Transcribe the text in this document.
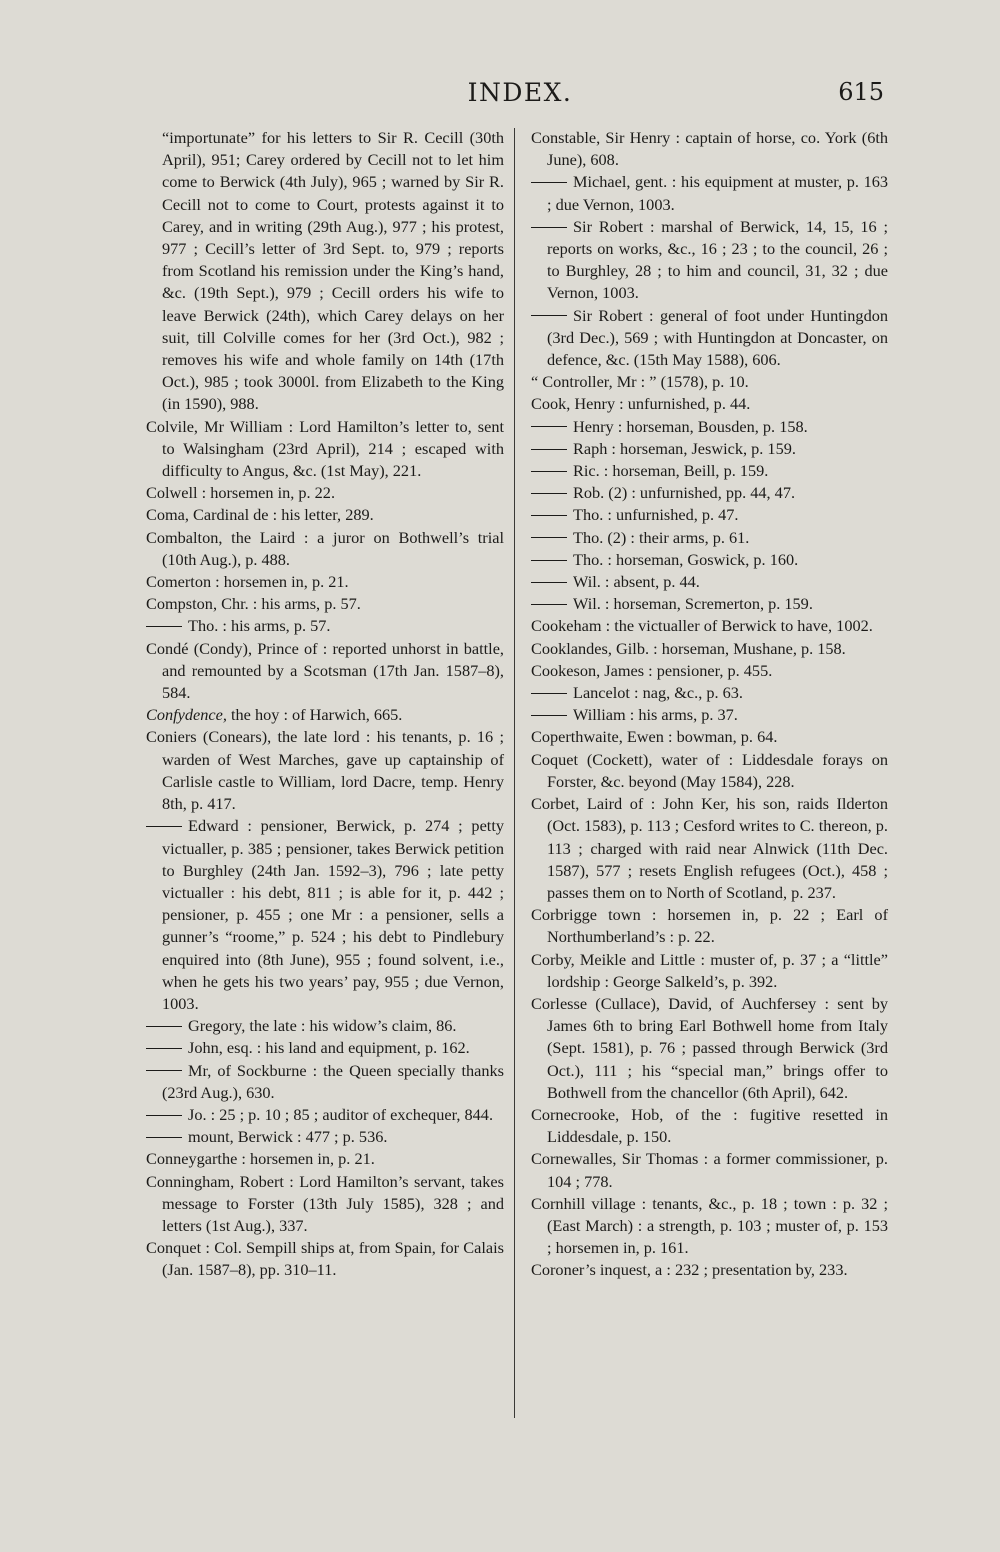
INDEX.	615

“importunate” for his letters to Sir R. Cecill (30th April), 951; Carey ordered by Cecill not to let him come to Berwick (4th July), 965 ; warned by Sir R. Cecill not to come to Court, protests against it to Carey, and in writing (29th Aug.), 977 ; his protest, 977 ; Cecill’s letter of 3rd Sept. to, 979 ; reports from Scotland his remission under the King’s hand, &c. (19th Sept.), 979 ; Cecill orders his wife to leave Berwick (24th), which Carey delays on her suit, till Colville comes for her (3rd Oct.), 982 ; removes his wife and whole family on 14th (17th Oct.), 985 ; took 3000l. from Elizabeth to the King (in 1590), 988.

Colvile, Mr William : Lord Hamilton’s letter to, sent to Walsingham (23rd April), 214 ; escaped with difficulty to Angus, &c. (1st May), 221.

Colwell : horsemen in, p. 22.

Coma, Cardinal de : his letter, 289.

Combalton, the Laird : a juror on Bothwell’s trial (10th Aug.), p. 488.

Comerton : horsemen in, p. 21.

Compston, Chr. : his arms, p. 57.

Tho. : his arms, p. 57.

Condé (Condy), Prince of : reported unhorst in battle, and remounted by a Scotsman (17th Jan. 1587–8), 584.

Confydence, the hoy : of Harwich, 665.

Coniers (Conears), the late lord : his tenants, p. 16 ; warden of West Marches, gave up captainship of Carlisle castle to William, lord Dacre, temp. Henry 8th, p. 417.

Edward : pensioner, Berwick, p. 274 ; petty victualler, p. 385 ; pensioner, takes Berwick petition to Burghley (24th Jan. 1592–3), 796 ; late petty victualler : his debt, 811 ; is able for it, p. 442 ; pensioner, p. 455 ; one Mr : a pensioner, sells a gunner’s “roome,” p. 524 ; his debt to Pindlebury enquired into (8th June), 955 ; found solvent, i.e., when he gets his two years’ pay, 955 ; due Vernon, 1003.

Gregory, the late : his widow’s claim, 86.

John, esq. : his land and equipment, p. 162.

Mr, of Sockburne : the Queen specially thanks (23rd Aug.), 630.

Jo. : 25 ; p. 10 ; 85 ; auditor of exchequer, 844.

mount, Berwick : 477 ; p. 536.

Conneygarthe : horsemen in, p. 21.

Conningham, Robert : Lord Hamilton’s servant, takes message to Forster (13th July 1585), 328 ; and letters (1st Aug.), 337.

Conquet : Col. Sempill ships at, from Spain, for Calais (Jan. 1587–8), pp. 310–11.

Constable, Sir Henry : captain of horse, co. York (6th June), 608.

Michael, gent. : his equipment at muster, p. 163 ; due Vernon, 1003.

Sir Robert : marshal of Berwick, 14, 15, 16 ; reports on works, &c., 16 ; 23 ; to the council, 26 ; to Burghley, 28 ; to him and council, 31, 32 ; due Vernon, 1003.

Sir Robert : general of foot under Huntingdon (3rd Dec.), 569 ; with Huntingdon at Doncaster, on defence, &c. (15th May 1588), 606.

“ Controller, Mr : ” (1578), p. 10.

Cook, Henry : unfurnished, p. 44.

Henry : horseman, Bousden, p. 158.

Raph : horseman, Jeswick, p. 159.

Ric. : horseman, Beill, p. 159.

Rob. (2) : unfurnished, pp. 44, 47.

Tho. : unfurnished, p. 47.

Tho. (2) : their arms, p. 61.

Tho. : horseman, Goswick, p. 160.

Wil. : absent, p. 44.

Wil. : horseman, Scremerton, p. 159.

Cookeham : the victualler of Berwick to have, 1002.

Cooklandes, Gilb. : horseman, Mushane, p. 158.

Cookeson, James : pensioner, p. 455.

Lancelot : nag, &c., p. 63.

William : his arms, p. 37.

Coperthwaite, Ewen : bowman, p. 64.

Coquet (Cockett), water of : Liddesdale forays on Forster, &c. beyond (May 1584), 228.

Corbet, Laird of : John Ker, his son, raids Ilderton (Oct. 1583), p. 113 ; Cesford writes to C. thereon, p. 113 ; charged with raid near Alnwick (11th Dec. 1587), 577 ; resets English refugees (Oct.), 458 ; passes them on to North of Scotland, p. 237.

Corbrigge town : horsemen in, p. 22 ; Earl of Northumberland’s : p. 22.

Corby, Meikle and Little : muster of, p. 37 ; a “little” lordship : George Salkeld’s, p. 392.

Corlesse (Cullace), David, of Auchfersey : sent by James 6th to bring Earl Bothwell home from Italy (Sept. 1581), p. 76 ; passed through Berwick (3rd Oct.), 111 ; his “special man,” brings offer to Bothwell from the chancellor (6th April), 642.

Cornecrooke, Hob, of the : fugitive resetted in Liddesdale, p. 150.

Cornewalles, Sir Thomas : a former commissioner, p. 104 ; 778.

Cornhill village : tenants, &c., p. 18 ; town : p. 32 ; (East March) : a strength, p. 103 ; muster of, p. 153 ; horsemen in, p. 161.

Coroner’s inquest, a : 232 ; presentation by, 233.
